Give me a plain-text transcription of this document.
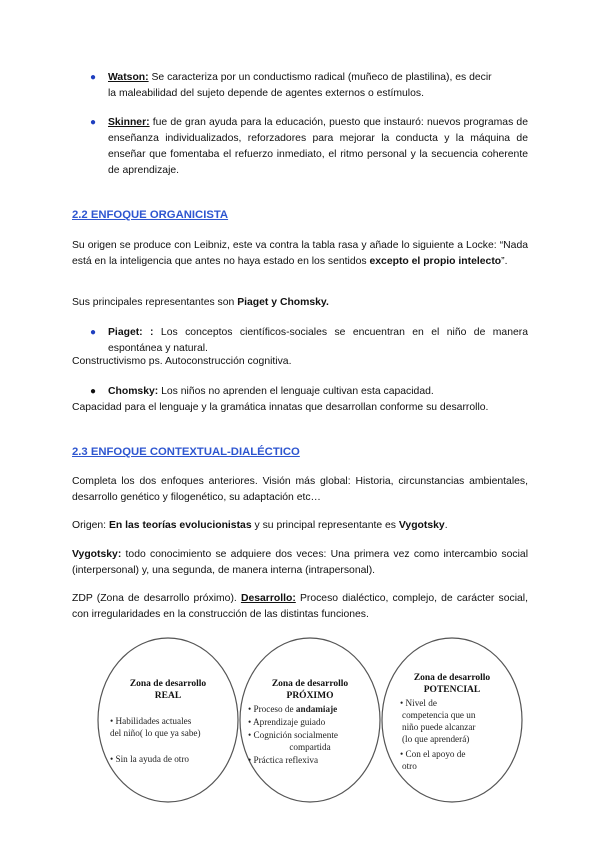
● Watson: Se caracteriza por un conductismo radical (muñeco de plastilina), es decir
la maleabilidad del sujeto depende de agentes externos o estímulos.

● Skinner: fue de gran ayuda para la educación, puesto que instauró: nuevos programas de enseñanza individualizados, reforzadores para mejorar la conducta y la máquina de enseñar que fomentaba el refuerzo inmediato, el ritmo personal y la secuencia coherente de aprendizaje.

2.2 ENFOQUE ORGANICISTA

Su origen se produce con Leibniz, este va contra la tabla rasa y añade lo siguiente a Locke: “Nada está en la inteligencia que antes no haya estado en los sentidos excepto el propio intelecto”.

Sus principales representantes son Piaget y Chomsky.

● Piaget: : Los conceptos científicos-sociales se encuentran en el niño de manera espontánea y natural.

Constructivismo ps. Autoconstrucción cognitiva.

● Chomsky: Los niños no aprenden el lenguaje cultivan esta capacidad.

Capacidad para el lenguaje y la gramática innatas que desarrollan conforme su desarrollo.

2.3 ENFOQUE CONTEXTUAL-DIALÉCTICO

Completa los dos enfoques anteriores. Visión más global: Historia, circunstancias ambientales, desarrollo genético y filogenético, su adaptación etc…

Origen: En las teorías evolucionistas y su principal representante es Vygotsky.

Vygotsky: todo conocimiento se adquiere dos veces: Una primera vez como intercambio social (interpersonal) y, una segunda, de manera interna (intrapersonal).

ZDP (Zona de desarrollo próximo). Desarrollo: Proceso dialéctico, complejo, de carácter social, con irregularidades en la construcción de las distintas funciones.

Zona de desarrollo
REAL
• Habilidades actuales
del niño( lo que ya sabe)
• Sin la ayuda de otro
Zona de desarrollo
PRÓXIMO
• Proceso de andamiaje
• Aprendizaje guiado
• Cognición socialmente
compartida
• Práctica reflexiva
Zona de desarrollo
POTENCIAL
• Nivel de
competencia que un
niño puede alcanzar
(lo que aprenderá)
• Con el apoyo de
otro
